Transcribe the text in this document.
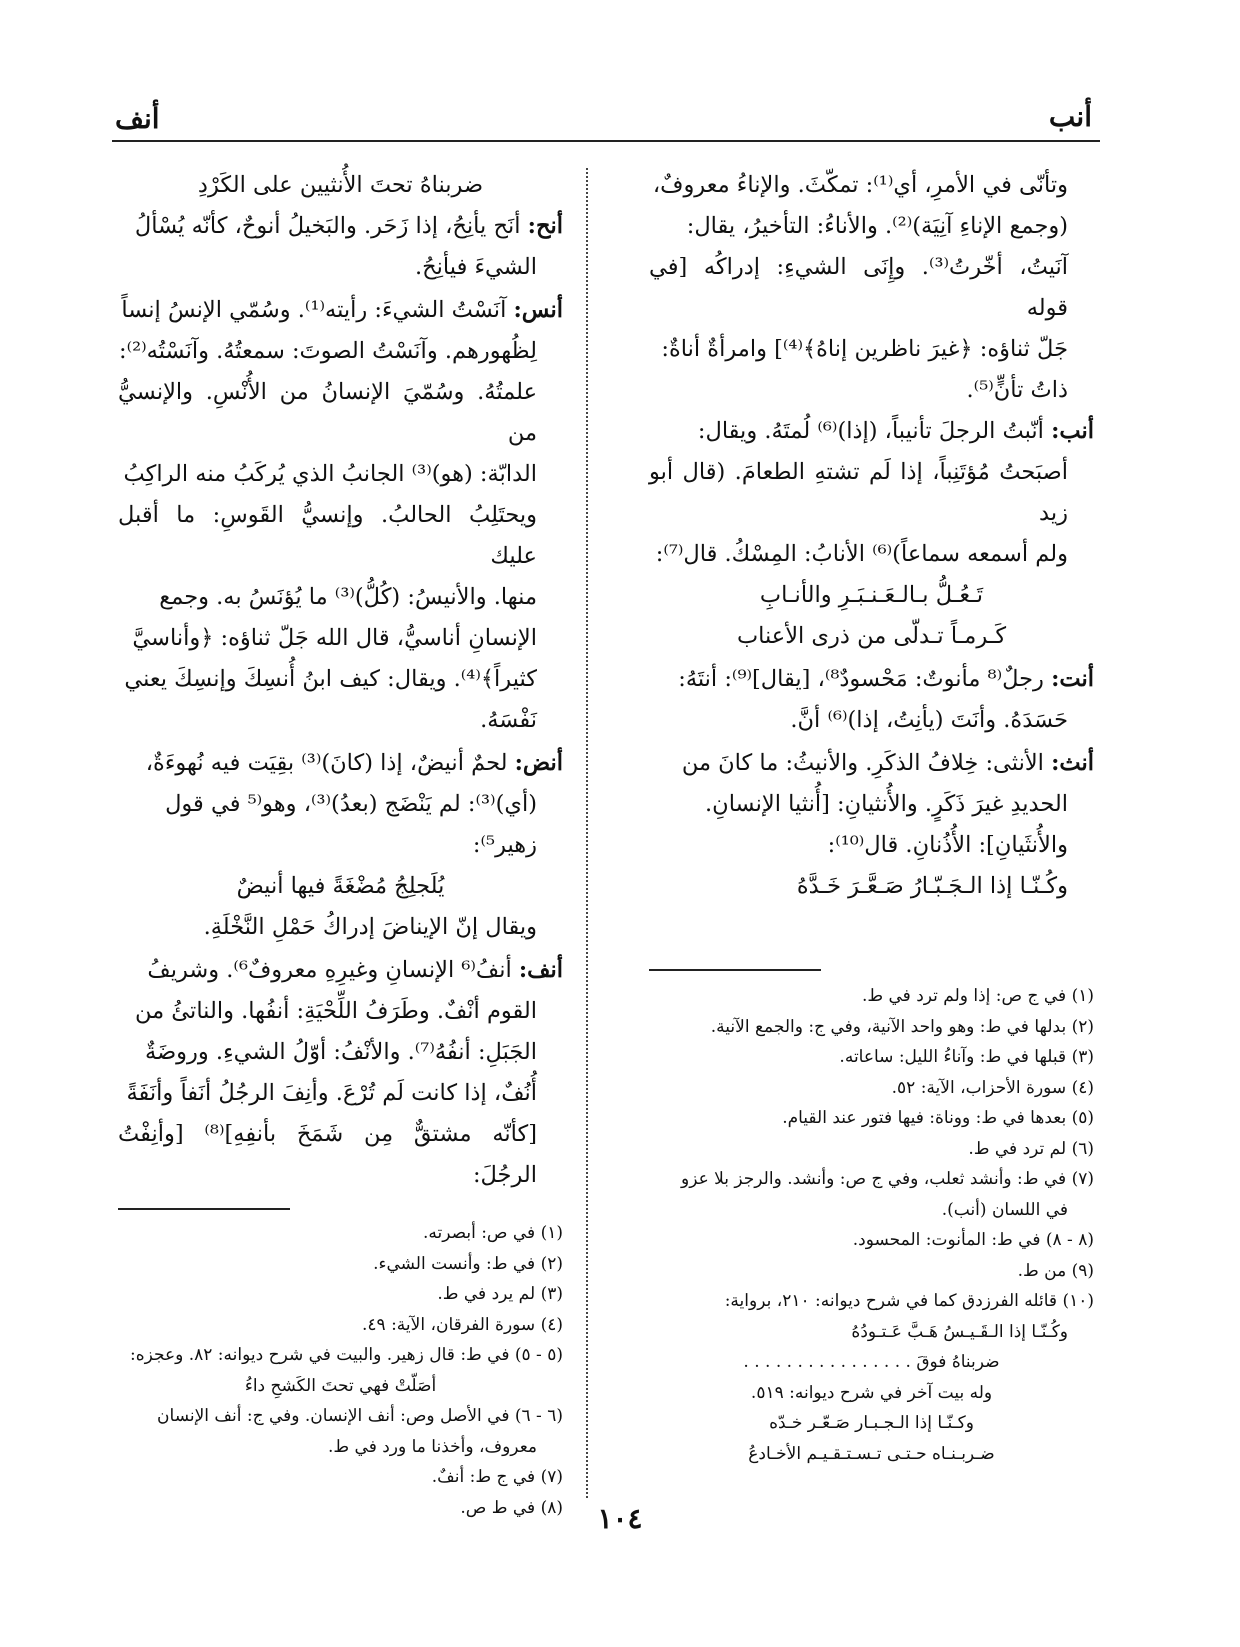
أنب
أنف
وتأنّى في الأمرِ، أي⁽¹⁾: تمكّثَ. والإناءُ معروفٌ،
(وجمع الإناءِ آنِيَة)⁽²⁾. والأناءُ: التأخيرُ، يقال:
آنَيتُ، أخّرتُ⁽³⁾. وإِنَى الشيءِ: إدراكُه [في قوله
جَلّ ثناؤه: ﴿غيرَ ناظرين إناهُ﴾⁽⁴⁾] وامرأةٌ أناةٌ:
ذاتُ تأنٍّ⁽⁵⁾.
أنب: أنّبتُ الرجلَ تأنيباً، (إذا)⁽⁶⁾ لُمتَهُ. ويقال:
أصبَحتُ مُؤتَنِباً، إذا لَم تشتهِ الطعامَ. (قال أبو زيد
ولم أسمعه سماعاً)⁽⁶⁾ الأنابُ: المِسْكُ. قال⁽⁷⁾:

تَـعُـلُّ بـالـعَـنـبَـرِ والأنـابِ

كَـرمـاً تـدلّى من ذرى الأعناب

أنت: رجلٌ⁽⁸ مأنوتٌ: مَحْسودٌ⁸⁾، [يقال]⁽⁹⁾: أنتَهُ:
حَسَدَهُ. وأنَتَ (يأنِتُ، إذا)⁽⁶⁾ أنَّ.
أنث: الأنثى: خِلافُ الذكَرِ. والأنيثُ: ما كانَ من
الحديدِ غيرَ ذَكَرٍ. والأُنثيانِ: [أُنثيا الإنسانِ.
والأُنثَيانِ]: الأُذُنانِ. قال⁽¹⁰⁾:
وكُـنّـا إذا الـجَـبّـارُ صَـعَّـرَ خَـدَّهُ

(١) في ج ص: إذا ولم ترد في ط.

(٢) بدلها في ط: وهو واحد الآنية، وفي ج: والجمع الآنية.

(٣) قبلها في ط: وآناءُ الليل: ساعاته.

(٤) سورة الأحزاب، الآية: ٥٢.

(٥) بعدها في ط: ووناة: فيها فتور عند القيام.

(٦) لم ترد في ط.

(٧) في ط: وأنشد ثعلب، وفي ج ص: وأنشد. والرجز بلا عزو

في اللسان (أنب).

(٨ - ٨) في ط: المأنوت: المحسود.

(٩) من ط.

(١٠) قائله الفرزدق كما في شرح ديوانه: ٢١٠، برواية:

وكُـنّـا إذا الـقَـيـسُ هَـبَّ عَـتـودُهُ

ضربناهُ فوقَ . . . . . . . . . . . . . . . .

وله بيت آخر في شرح ديوانه: ٥١٩.

وكـنّـا إذا الـجـبـار صَـعّـر خـدّه

ضـربـنـاه حـتـى تـسـتـقـيـم الأخـادعُ

ضربناهُ تحتَ الأُنثيين على الكَرْدِ

أنح: أنَح يأنِحُ، إذا زَحَر. والبَخيلُ أنوحٌ، كأنّه يُسْألُ
الشيءَ فيأنِحُ.
أنس: آنَسْتُ الشيءَ: رأيته⁽¹⁾. وسُمّي الإنسُ إنساً
لِظُهورهم. وآنَسْتُ الصوتَ: سمعتُهُ. وآنَسْتُه⁽²⁾:
علمتُهُ. وسُمّيَ الإنسانُ من الأُنْسِ. والإنسيُّ من
الدابّة: (هو)⁽³⁾ الجانبُ الذي يُركَبُ منه الراكِبُ
ويحتَلِبُ الحالبُ. وإنسيُّ القَوسِ: ما أقبل عليك
منها. والأنيسُ: (كُلُّ)⁽³⁾ ما يُؤنَسُ به. وجمع
الإنسانِ أناسيُّ، قال الله جَلّ ثناؤه: ﴿وأناسيَّ
كثيراً﴾⁽⁴⁾. ويقال: كيف ابنُ أُنسِكَ وإنسِكَ يعني
نَفْسَهُ.
أنض: لحمٌ أنيضٌ، إذا (كانَ)⁽³⁾ بقِيَت فيه نُهوءَةٌ،
(أي)⁽³⁾: لم يَنْضَج (بعدُ)⁽³⁾، وهو⁽⁵ في قول
زهير⁵⁾:

يُلَجلِجُ مُضْغَةً فيها أنيضٌ

ويقال إنّ الإيناضَ إدراكُ حَمْلِ النَّخْلَةِ.
أنف: أنفُ⁽⁶ الإنسانِ وغيرِهِ معروفٌ⁶⁾. وشريفُ
القوم أنْفٌ. وطَرَفُ اللِّحْيَةِ: أنفُها. والناتئُ من
الجَبَلِ: أنفُهُ⁽⁷⁾. والأنْفُ: أوّلُ الشيءِ. وروضَةٌ
أُنُفٌ، إذا كانت لَم تُرْعَ. وأنِفَ الرجُلُ أنَفاً وأنَفَةً
[كأنّه مشتقٌّ مِن شَمَخَ بأنفِهِ]⁽⁸⁾ [وأنِفْتُ الرجُلَ:

(١) في ص: أبصرته.

(٢) في ط: وأنست الشيء.

(٣) لم يرد في ط.

(٤) سورة الفرقان، الآية: ٤٩.

(٥ - ٥) في ط: قال زهير. والبيت في شرح ديوانه: ٨٢. وعجزه:

أصَلّتْ فهي تحتَ الكَشحِ داءُ

(٦ - ٦) في الأصل وص: أنف الإنسان. وفي ج: أنف الإنسان

معروف، وأخذنا ما ورد في ط.

(٧) في ج ط: أنفٌ.

(٨) في ط ص.	١٠٤
